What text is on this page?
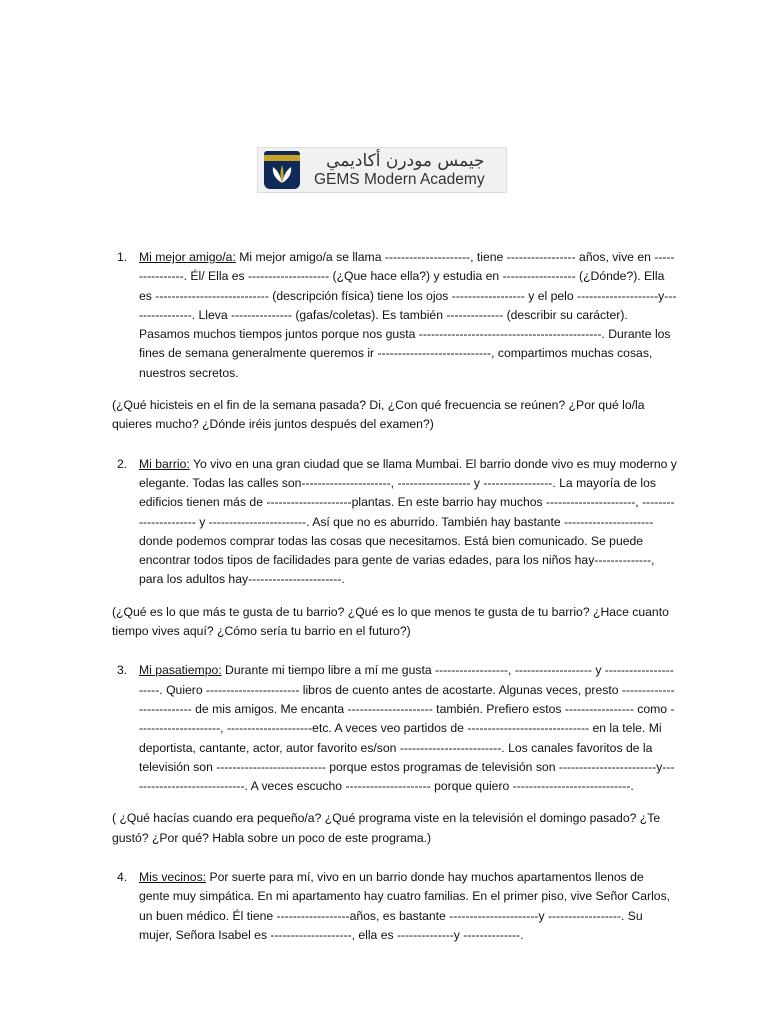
جيمس مودرن أكاديمي
GEMS Modern Academy
1. Mi mejor amigo/a: Mi mejor amigo/a se llama ---------------------, tiene ----------------- años, vive en ----------------. Él/ Ella es -------------------- (¿Que hace ella?) y estudia en ------------------ (¿Dónde?). Ella es ---------------------------- (descripción física) tiene los ojos ------------------ y el pelo --------------------y----------------. Lleva --------------- (gafas/coletas). Es también -------------- (describir su carácter). Pasamos muchos tiempos juntos porque nos gusta ---------------------------------------------. Durante los fines de semana generalmente queremos ir ----------------------------, compartimos muchas cosas, nuestros secretos.
(¿Qué hicisteis en el fin de la semana pasada? Di, ¿Con qué frecuencia se reúnen? ¿Por qué lo/la quieres mucho? ¿Dónde iréis juntos después del examen?)
2. Mi barrio: Yo vivo en una gran ciudad que se llama Mumbai. El barrio donde vivo es muy moderno y elegante. Todas las calles son----------------------, ------------------ y -----------------. La mayoría de los edificios tienen más de ---------------------plantas. En este barrio hay muchos ----------------------, ---------------------- y ------------------------. Así que no es aburrido. También hay bastante ---------------------- donde podemos comprar todas las cosas que necesitamos. Está bien comunicado. Se puede encontrar todos tipos de facilidades para gente de varias edades, para los niños hay--------------, para los adultos hay-----------------------.
(¿Qué es lo que más te gusta de tu barrio? ¿Qué es lo que menos te gusta de tu barrio? ¿Hace cuanto tiempo vives aquí? ¿Cómo sería tu barrio en el futuro?)
3. Mi pasatiempo: Durante mi tiempo libre a mí me gusta ------------------, ------------------- y ----------------------. Quiero ----------------------- libros de cuento antes de acostarte. Algunas veces, presto -------------------------- de mis amigos. Me encanta --------------------- también. Prefiero estos ----------------- como ---------------------, ---------------------etc. A veces veo partidos de ------------------------------ en la tele. Mi deportista, cantante, actor, autor favorito es/son -------------------------. Los canales favoritos de la televisión son --------------------------- porque estos programas de televisión son ------------------------y-----------------------------. A veces escucho --------------------- porque quiero -----------------------------.
( ¿Qué hacías cuando era pequeño/a? ¿Qué programa viste en la televisión el domingo pasado? ¿Te gustó? ¿Por qué? Habla sobre un poco de este programa.)
4. Mis vecinos: Por suerte para mí, vivo en un barrio donde hay muchos apartamentos llenos de gente muy simpática. En mi apartamento hay cuatro familias. En el primer piso, vive Señor Carlos, un buen médico. Él tiene ------------------años, es bastante ----------------------y ------------------. Su mujer, Señora Isabel es --------------------, ella es --------------y --------------.
